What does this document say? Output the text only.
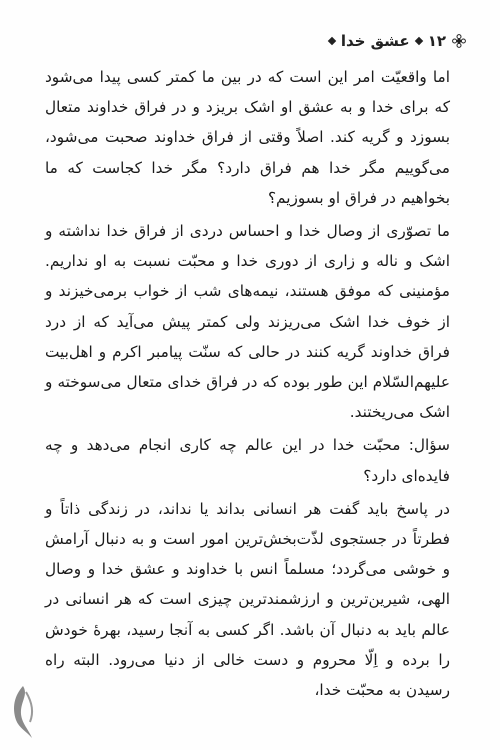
۱۲
عشق خدا

اما واقعیّت امر این است که در بین ما کمتر کسی پیدا می‌شود که برای خدا و به عشق او اشک بریزد و در فراق خداوند متعال بسوزد و گریه کند. اصلاً وقتی از فراق خداوند صحبت می‌شود، می‌گوییم مگر خدا هم فراق دارد؟ مگر خدا کجاست که ما بخواهیم در فراق او بسوزیم؟

ما تصوّری از وصال خدا و احساس دردی از فراق خدا نداشته و اشک و ناله و زاری از دوری خدا و محبّت نسبت به او نداریم. مؤمنینی که موفق هستند، نیمه‌های شب از خواب برمی‌خیزند و از خوف خدا اشک می‌ریزند ولی کمتر پیش می‌آید که از درد فراق خداوند گریه کنند در حالی که سنّت پیامبر اکرم و اهل‌بیت علیهم‌السّلام این طور بوده که در فراق خدای متعال می‌سوخته و اشک می‌ریختند.

سؤال: محبّت خدا در این عالم چه کاری انجام می‌دهد و چه فایده‌ای دارد؟

در پاسخ باید گفت هر انسانی بداند یا نداند، در زندگی ذاتاً و فطرتاً در جستجوی لذّت‌بخش‌ترین امور است و به دنبال آرامش و خوشی می‌گردد؛ مسلماً انس با خداوند و عشق خدا و وصال الهی، شیرین‌ترین و ارزشمندترین چیزی است که هر انسانی در عالم باید به دنبال آن باشد. اگر کسی به آنجا رسید، بهرهٔ خودش را برده و اِلّا محروم و دست خالی از دنیا می‌رود. البته راه رسیدن به محبّت خدا،
